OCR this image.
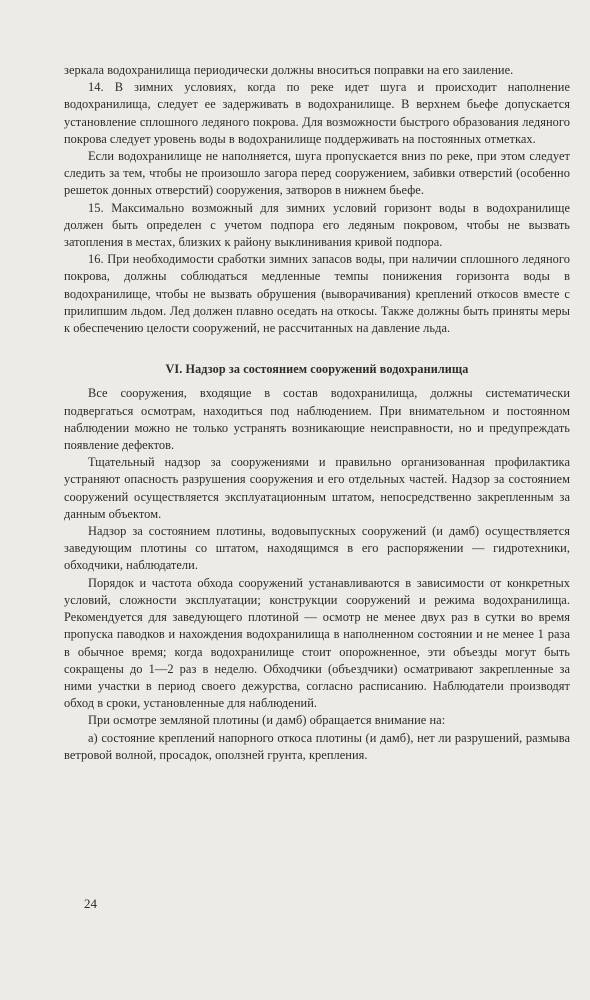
зеркала водохранилища периодически должны вноситься поправки на его заиление.

14. В зимних условиях, когда по реке идет шуга и происходит наполнение водохранилища, следует ее задерживать в водохранилище. В верхнем бьефе допускается установление сплошного ледяного покрова. Для возможности быстрого образования ледяного покрова следует уровень воды в водохранилище поддерживать на постоянных отметках.

Если водохранилище не наполняется, шуга пропускается вниз по реке, при этом следует следить за тем, чтобы не произошло загора перед сооружением, забивки отверстий (особенно решеток донных отверстий) сооружения, затворов в нижнем бьефе.

15. Максимально возможный для зимних условий горизонт воды в водохранилище должен быть определен с учетом подпора его ледяным покровом, чтобы не вызвать затопления в местах, близких к району выклинивания кривой подпора.

16. При необходимости сработки зимних запасов воды, при наличии сплошного ледяного покрова, должны соблюдаться медленные темпы понижения горизонта воды в водохранилище, чтобы не вызвать обрушения (выворачивания) креплений откосов вместе с прилипшим льдом. Лед должен плавно оседать на откосы. Также должны быть приняты меры к обеспечению целости сооружений, не рассчитанных на давление льда.

VI. Надзор за состоянием сооружений водохранилища

Все сооружения, входящие в состав водохранилища, должны систематически подвергаться осмотрам, находиться под наблюдением. При внимательном и постоянном наблюдении можно не только устранять возникающие неисправности, но и предупреждать появление дефектов.

Тщательный надзор за сооружениями и правильно организованная профилактика устраняют опасность разрушения сооружения и его отдельных частей. Надзор за состоянием сооружений осуществляется эксплуатационным штатом, непосредственно закрепленным за данным объектом.

Надзор за состоянием плотины, водовыпускных сооружений (и дамб) осуществляется заведующим плотины со штатом, находящимся в его распоряжении — гидротехники, обходчики, наблюдатели.

Порядок и частота обхода сооружений устанавливаются в зависимости от конкретных условий, сложности эксплуатации; конструкции сооружений и режима водохранилища. Рекомендуется для заведующего плотиной — осмотр не менее двух раз в сутки во время пропуска паводков и нахождения водохранилища в наполненном состоянии и не менее 1 раза в обычное время; когда водохранилище стоит опорожненное, эти объезды могут быть сокращены до 1—2 раз в неделю. Обходчики (объездчики) осматривают закрепленные за ними участки в период своего дежурства, согласно расписанию. Наблюдатели производят обход в сроки, установленные для наблюдений.

При осмотре земляной плотины (и дамб) обращается внимание на:

а) состояние креплений напорного откоса плотины (и дамб), нет ли разрушений, размыва ветровой волной, просадок, оползней грунта, крепления.

24
